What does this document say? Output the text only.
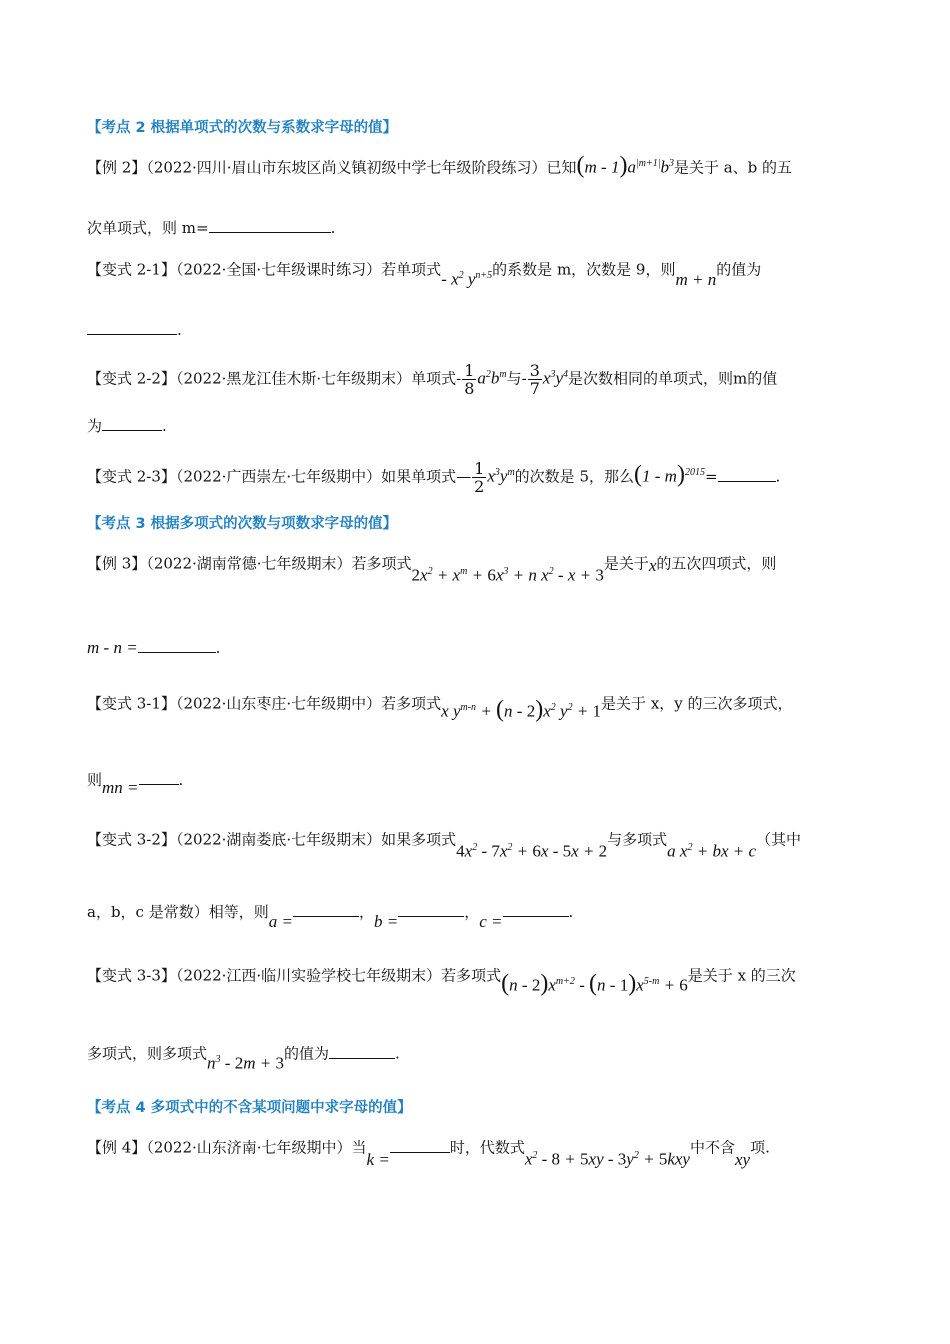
【考点 2 根据单项式的次数与系数求字母的值】
【例 2】（2022·四川·眉山市东坡区尚义镇初级中学七年级阶段练习）已知$(m - 1)a^{|m+1|}b^3$是关于 a、b 的五
次单项式，则 m=	.
【变式 2-1】（2022·全国·七年级课时练习）若单项式- $x^2$ $y^{n+5}$的系数是 m，次数是 9，则m + n的值为
.
【变式 2-2】（2022·黑龙江佳木斯·七年级期末）单项式- $\frac{1}{8} a^2b^m$与- $\frac{3}{7} x^3y^4$是次数相同的单项式，则m的值
为	.
【变式 2-3】（2022·广西崇左·七年级期中）如果单项式— $\frac{1}{2} x^3y^m$的次数是 5，那么(1 - m)$^{2015}$=	.
【考点 3 根据多项式的次数与项数求字母的值】
【例 3】（2022·湖南常德·七年级期末）若多项式$2x^2 + x^m + 6x^3 + n$ $x^2 - x + 3$是关于x的五次四项式，则
m - n =	.
【变式 3-1】（2022·山东枣庄·七年级期中）若多项式x $y^{m-n} + (n - 2)x^2$ $y^2 + 1$是关于 x，y 的三次多项式，
则mn =	.
【变式 3-2】（2022·湖南娄底·七年级期末）如果多项式$4x^2 - 7x^2 + 6x - 5x + 2$与多项式a $x^2$ + bx + c（其中
a，b，c 是常数）相等，则a =	，b =	，c =	.
【变式 3-3】（2022·江西·临川实验学校七年级期末）若多项式$(n - 2)x^{m+2} - (n - 1)x^{5-m} + 6$是关于 x 的三次
多项式，则多项式$n^3 - 2m + 3$的值为	.
【考点 4 多项式中的不含某项问题中求字母的值】
【例 4】（2022·山东济南·七年级期中）当k =时，代数式$x^2 - 8 + 5xy - 3y^2 + 5kxy$中不含xy项.
